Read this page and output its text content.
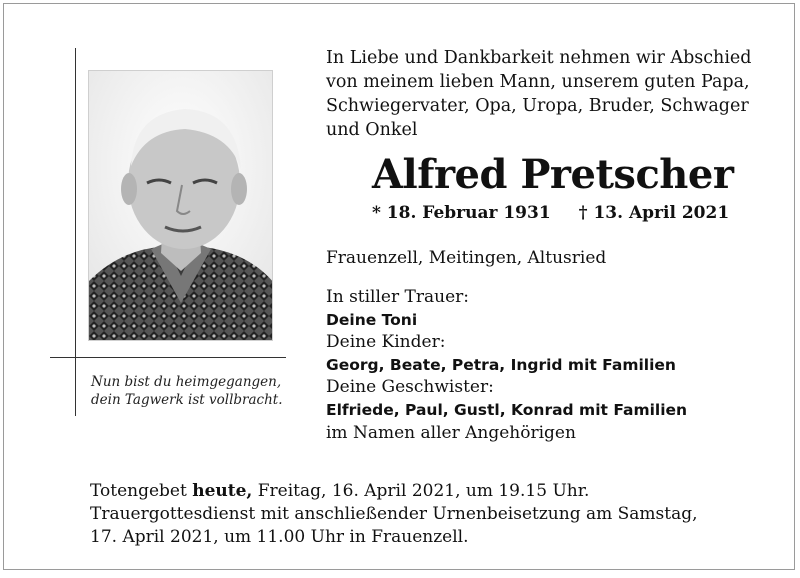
Nun bist du heimgegangen,
dein Tagwerk ist vollbracht.
In Liebe und Dankbarkeit nehmen wir Abschied
von meinem lieben Mann, unserem guten Papa,
Schwiegervater, Opa, Uropa, Bruder, Schwager
und Onkel
Alfred Pretscher
* 18. Februar 1931 † 13. April 2021
Frauenzell, Meitingen, Altusried
In stiller Trauer:
Deine Toni
Deine Kinder:
Georg, Beate, Petra, Ingrid mit Familien
Deine Geschwister:
Elfriede, Paul, Gustl, Konrad mit Familien
im Namen aller Angehörigen
Totengebet heute, Freitag, 16. April 2021, um 19.15 Uhr.
Trauergottesdienst mit anschließender Urnenbeisetzung am Samstag,
17. April 2021, um 11.00 Uhr in Frauenzell.
